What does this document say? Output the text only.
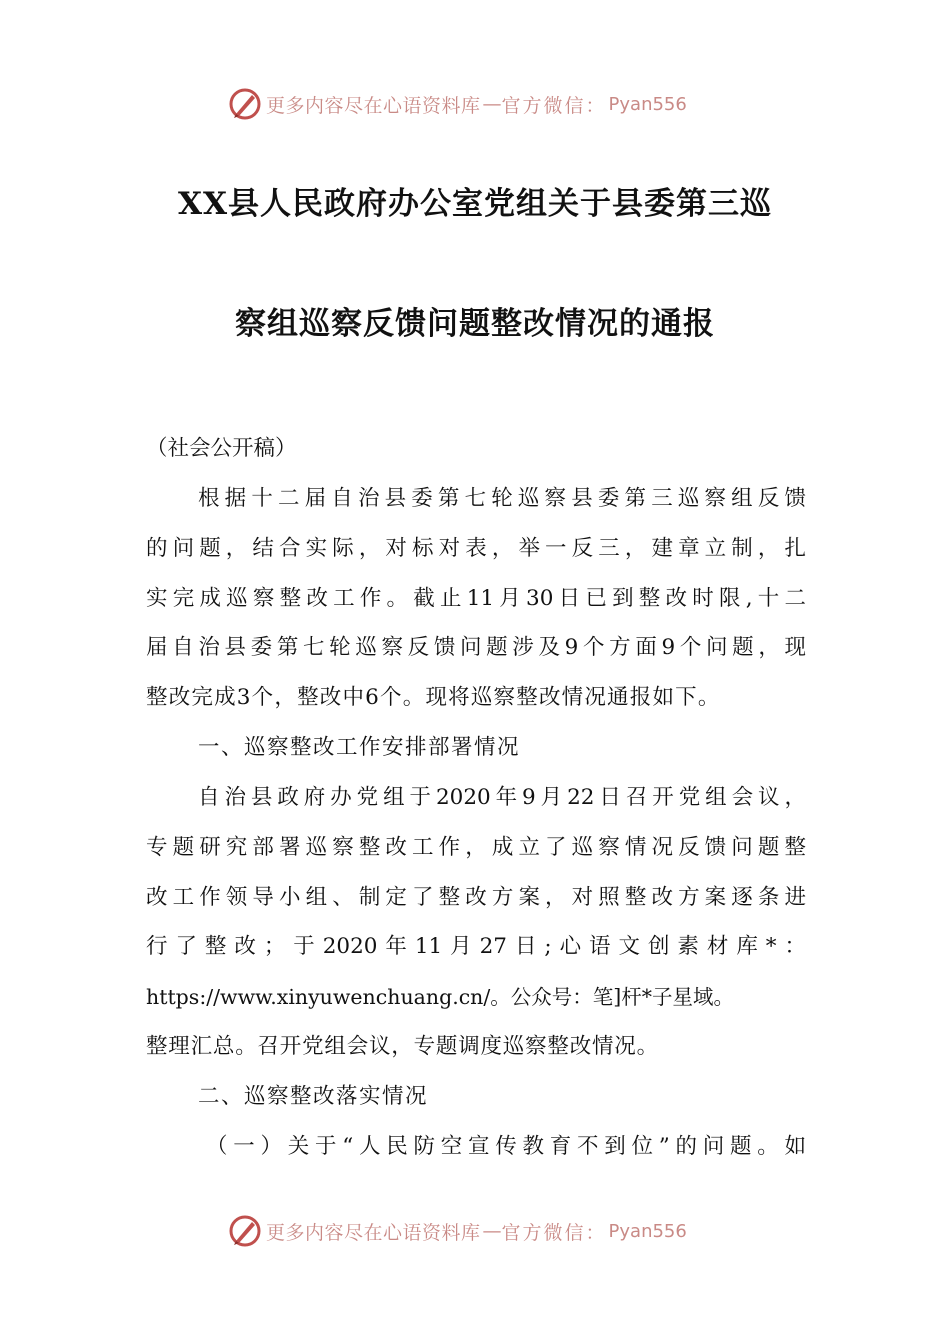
更多内容尽在心语资料库 — 官方微信： Pyan556
XX县人民政府办公室党组关于县委第三巡
察组巡察反馈问题整改情况的通报
（社会公开稿）
根据十二届自治县委第七轮巡察县委第三巡察组反馈
的问题，结合实际，对标对表，举一反三，建章立制，扎
实完成巡察整改工作。截止11月30日已到整改时限,十二
届自治县委第七轮巡察反馈问题涉及9个方面9个问题，现
整改完成3个，整改中6个。现将巡察整改情况通报如下。
一、巡察整改工作安排部署情况
自治县政府办党组于2020年9月22日召开党组会议，
专题研究部署巡察整改工作，成立了巡察情况反馈问题整
改工作领导小组、制定了整改方案，对照整改方案逐条进
行了整改；于2020年11月27日;心语文创素材库*：
https://www.xinyuwenchuang.cn/。公众号：笔]杆*子星域。
整理汇总。召开党组会议，专题调度巡察整改情况。
二、巡察整改落实情况
（一）关于“人民防空宣传教育不到位”的问题。如
更多内容尽在心语资料库 — 官方微信： Pyan556
